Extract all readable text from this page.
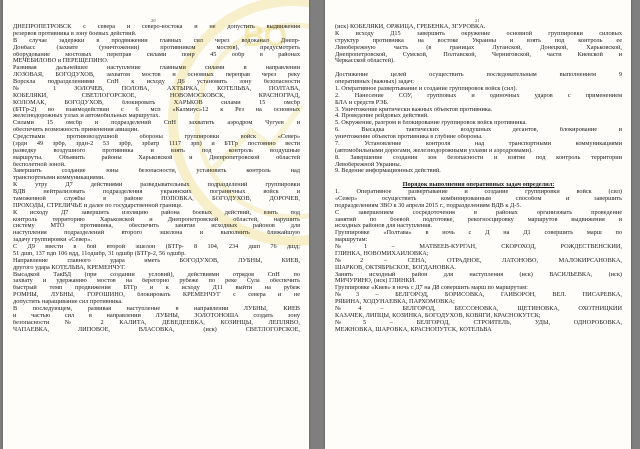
ВО
20
ДНЕПРОПЕТРОВСК с севера и северо-востока и не допустить выдвижения
резервов противника в зону боевых действий.
В случае задержки в продвижении главных сил через водоканал Днепр-
Донбасс (захвате (уничтожении) противником мостов), предусмотреть
оборудование мостовых переправ силами понр 45 ообр в районах
МЕЧЕБИЛОВО и ПЕРЕЩЕПИНО.
Развивая дальнейшее наступление главными силами в направлении
ЛОЗОВАЯ, БОГОДУХОВ, захватом мостов и основных переправ через реку
Ворскла подразделениями СпН к исходу Д6 установить зону безопасности
№ 1 ЗОЛОЧЕВ, ПОЛОВА, АХТЫРКА, КОТЕЛЬВА, ПОЛТАВА,
КОБЕЛЯКИ, СВЕТЛОГОРСКОЕ, НОВОМОСКОВСК, КРАСНОГРАД,
КОЛОМАК, БОГОДУХОВ, блокировать ХАРЬКОВ силами 15 омсбр
(БТГр-2) во взаимодействии с 6 мсп «Калмиус»12 к Рез на основных
железнодорожных узлах и автомобильных маршрутах.
Силами 15 омсбр и подразделений СпН захватить аэродром Чугуев и
обеспечить возможность применения авиации.
Средствами противовоздушной обороны группировки войск «Север»
(зрдн 49 зрбр, зрдн-2 53 зрбр, зрбатр 1117 зрп) и БТГр постоянно вести
разведку воздушного противника и взять под контроль воздушные
маршруты. Объявить районы Харьковской и Днепропетровской областей
бесполетной зоной.
Завершить создание зоны безопасности, установить контроль над
транспортными коммуникациями.
К утру Д7 действиями разведывательных подразделений группировки
ВДВ нейтрализовать подразделения украинских пограничных войск и
таможенной службы в районе ПОПОВКА, БОГОДУХОВ, ДОРОЧЕВ,
ПРОХОДЫ, СТРЕЛИЧЬЕ и далее по государственной границе.
К исходу Д7 завершить изоляцию района боевых действий, взять под
контроль территорию Харьковской и Днепропетровской областей, нарушить
систему МТО противника, обеспечить занятие исходных районов для
наступления подразделений второго эшелона и выполнить ближайшую
задачу группировки «Север».
С Д9 ввести в бой второй эшелон (БТГр- 8 104, 234 дшп 76 дшд;
51 дшп, 137 пдп 106 вдд, 11одшбр, 31 одшбр (БТГр-2, 56 одшбр.
Направление главного удара иметь БОГОДУХОВ, ЛУБНЫ, КИЕВ,
другого удара КОТЕЛЬВА, КРЕМЕНЧУГ.
Высадкой ТакВД (при создании условий), действиями отрядов СпН по
захвату и удержанию мостов на берегорно рубеже по реке Сула обеспечить
быстрый темп продвижения БТГр и к исходу Д11 выйти на рубеж
РОМНЫ, ЛУБНЫ, ГОРОШИНО, блокировать КРЕМЕНЧУГ с севера и не
допустить наращивание сил противника.
В последующем, развивая наступление в направлении ЛУБНЫ, КИЕВ
и частью сил в направлении ЛУБНЫ, ЗОЛОТОНОША создать зону
безопасности № 2 КАЛИТА, ДЕВЕДЕЕВКА, КОЗИНЦЫ, ЛЕПЛЯВО,
ЧАПАЕВКА, ЛИПОВОЕ, ВЛАСОВКА, (иск) СВЕТЛОГОРСКОЕ,
21
(иск) КОБЕЛЯКИ, ОРЖИЦА, ГРЕБЕНКА, ЗГУРОВКА.
К исходу Д15 завершить окружение основной группировки силовых
структур противника на востоке Украины и взять под контроль ее
Левобережную часть (в границах Луганской, Донецкой, Харьковской,
Днепропетровской, Сумской, Полтавской, Черниговской, части Киевской и
Черкасской областей).
Достижение целей осуществить последовательным выполнением 9
оперативных (важных) задач:
1. Оперативное развертывание и создание группировок войск (сил).
2. Нанесение СОУ, групповых и одиночных ударов с применением
БЛА и средств РЭБ.
3. Уничтожение критически важных объектов противника.
4. Проведение рейдовых действий.
5. Окружение, разгром и блокирование группировок войск противника.
6. Высадка тактических воздушных десантов, блокирование и
уничтожение объектов противника в глубине обороны.
7. Установление контроля над транспортными коммуникациями
(автомобильными дорогами, железнодорожными узлами и аэродромами).
8. Завершение создания зон безопасности и взятие под контроль территории
Левобережной Украины.
9. Ведение информационных действий.
Порядок выполнения оперативных задач определил:
1. Оперативное развертывание и создание группировки войск (сил)
«Север» осуществить комбинированным способом и завершить
подразделениям ЗВО к 30 апреля 2015 г., подразделениям ВДВ к Д-5.
С завершением сосредоточения в районах организовать проведение
занятий по боевой подготовке, рекогносцировку маршрутов выдвижения и
исходных районов для наступления.
Группировке «Полтава» в ночь с Д на Д1 совершить марш по
маршрутам:
№1 – МАТВЕЕВ-КУРГАН, СКОРОХОД, РОЖДЕСТВЕНСКИЙ,
ГЛИНКА, НОВОМИХАЙЛОВКА;
№2 – СЕНА, ОТРАДНОЕ, ЛАТОНОВО, МАЛОКИРСАНОВКА,
ШАРКОВ, ОКТЯБРЬСКОЕ, БОГДАНОВКА.
Занять исходный район для наступления (иск) ВАСИЛЬЕВКА, (иск)
МИЧУРИНО, (иск) ГЛИНКИ.
Группировке «Киев» в ночь с Д7 на Д8 совершить марш по маршрутам:
№3 – БЕЛГОРОД, БОРИСОВКА, ГАЙВОРОН, ВЕЛ. ПИСАРЕВКА,
РЯБИНА, ХОДУНАЕВКА, ПАРХОМОВКА;
№4 – БЕЛГОРОД, БЕССОНОВКА, ЩЕТИНОВКА, ОХОТНИЦКИЙ
КАЗАЧЕК, ЛИПЦЫ, КОЗИНКА, БОГОДУХОВ, КОВЯГИ, КРАСНОКУТСК;
№5 – БЕЛГОРОД, СТРОИТЕЛЬ, УДЫ, ОДНОРОБОВКА,
МЕЖНОВКА, ШАРОВКА, КРАСНОПУТСК, КОТЕЛЬВА
